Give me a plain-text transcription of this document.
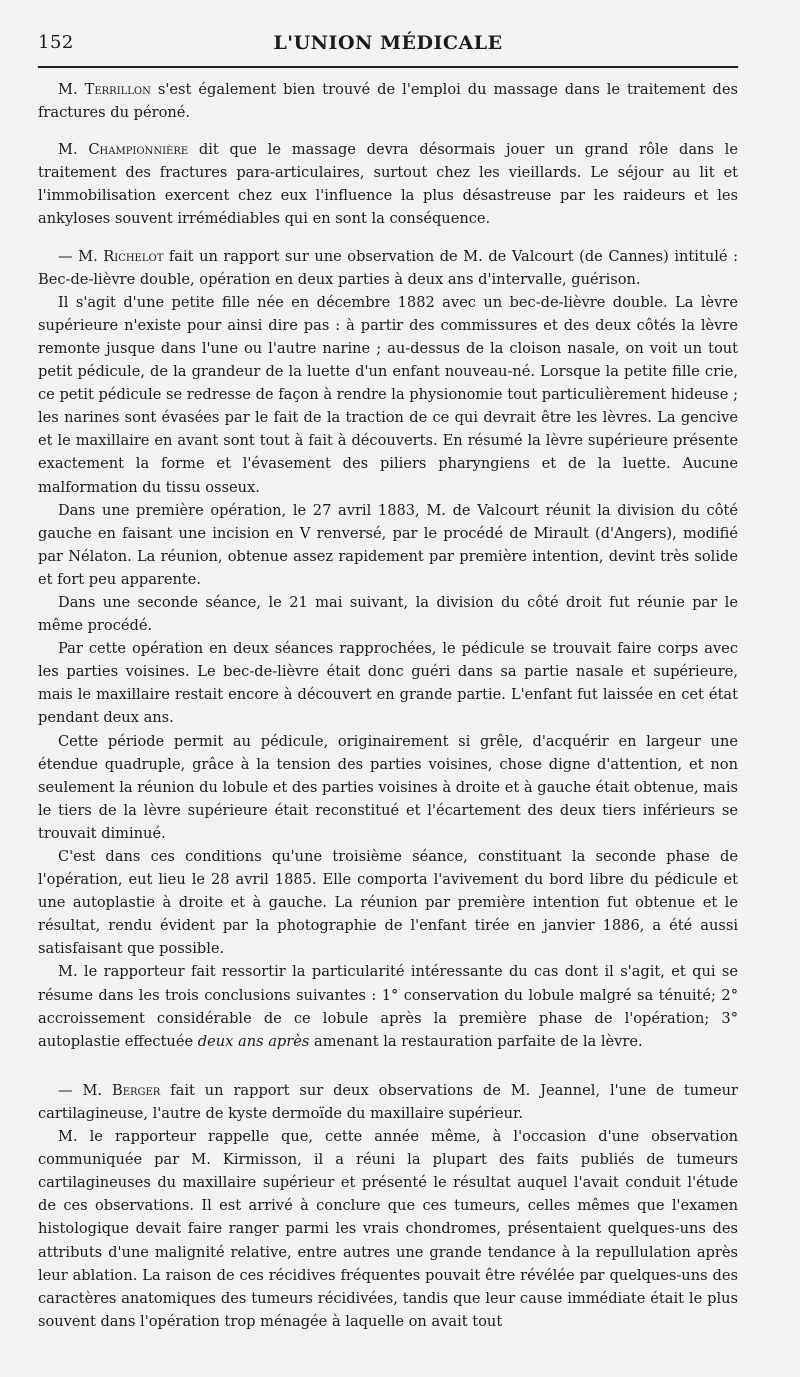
152	L'UNION MÉDICALE

M. Terrillon s'est également bien trouvé de l'emploi du massage dans le traitement des fractures du péroné.

M. Championnière dit que le massage devra désormais jouer un grand rôle dans le traitement des fractures para-articulaires, surtout chez les vieillards. Le séjour au lit et l'immobilisation exercent chez eux l'influence la plus désastreuse par les raideurs et les ankyloses souvent irrémédiables qui en sont la conséquence.

— M. Richelot fait un rapport sur une observation de M. de Valcourt (de Cannes) intitulé : Bec-de-lièvre double, opération en deux parties à deux ans d'intervalle, guérison.

Il s'agit d'une petite fille née en décembre 1882 avec un bec-de-lièvre double. La lèvre supérieure n'existe pour ainsi dire pas : à partir des commissures et des deux côtés la lèvre remonte jusque dans l'une ou l'autre narine ; au-dessus de la cloison nasale, on voit un tout petit pédicule, de la grandeur de la luette d'un enfant nouveau-né. Lorsque la petite fille crie, ce petit pédicule se redresse de façon à rendre la physionomie tout particulièrement hideuse ; les narines sont évasées par le fait de la traction de ce qui devrait être les lèvres. La gencive et le maxillaire en avant sont tout à fait à découverts. En résumé la lèvre supérieure présente exactement la forme et l'évasement des piliers pharyngiens et de la luette. Aucune malformation du tissu osseux.

Dans une première opération, le 27 avril 1883, M. de Valcourt réunit la division du côté gauche en faisant une incision en V renversé, par le procédé de Mirault (d'Angers), modifié par Nélaton. La réunion, obtenue assez rapidement par première intention, devint très solide et fort peu apparente.

Dans une seconde séance, le 21 mai suivant, la division du côté droit fut réunie par le même procédé.

Par cette opération en deux séances rapprochées, le pédicule se trouvait faire corps avec les parties voisines. Le bec-de-lièvre était donc guéri dans sa partie nasale et supérieure, mais le maxillaire restait encore à découvert en grande partie. L'enfant fut laissée en cet état pendant deux ans.

Cette période permit au pédicule, originairement si grêle, d'acquérir en largeur une étendue quadruple, grâce à la tension des parties voisines, chose digne d'attention, et non seulement la réunion du lobule et des parties voisines à droite et à gauche était obtenue, mais le tiers de la lèvre supérieure était reconstitué et l'écartement des deux tiers inférieurs se trouvait diminué.

C'est dans ces conditions qu'une troisième séance, constituant la seconde phase de l'opération, eut lieu le 28 avril 1885. Elle comporta l'avivement du bord libre du pédicule et une autoplastie à droite et à gauche. La réunion par première intention fut obtenue et le résultat, rendu évident par la photographie de l'enfant tirée en janvier 1886, a été aussi satisfaisant que possible.

M. le rapporteur fait ressortir la particularité intéressante du cas dont il s'agit, et qui se résume dans les trois conclusions suivantes : 1° conservation du lobule malgré sa ténuité; 2° accroissement considérable de ce lobule après la première phase de l'opération; 3° autoplastie effectuée deux ans après amenant la restauration parfaite de la lèvre.

— M. Berger fait un rapport sur deux observations de M. Jeannel, l'une de tumeur cartilagineuse, l'autre de kyste dermoïde du maxillaire supérieur.

M. le rapporteur rappelle que, cette année même, à l'occasion d'une observation communiquée par M. Kirmisson, il a réuni la plupart des faits publiés de tumeurs cartilagineuses du maxillaire supérieur et présenté le résultat auquel l'avait conduit l'étude de ces observations. Il est arrivé à conclure que ces tumeurs, celles mêmes que l'examen histologique devait faire ranger parmi les vrais chondromes, présentaient quelques-uns des attributs d'une malignité relative, entre autres une grande tendance à la repullulation après leur ablation. La raison de ces récidives fréquentes pouvait être révélée par quelques-uns des caractères anatomiques des tumeurs récidivées, tandis que leur cause immédiate était le plus souvent dans l'opération trop ménagée à laquelle on avait tout
